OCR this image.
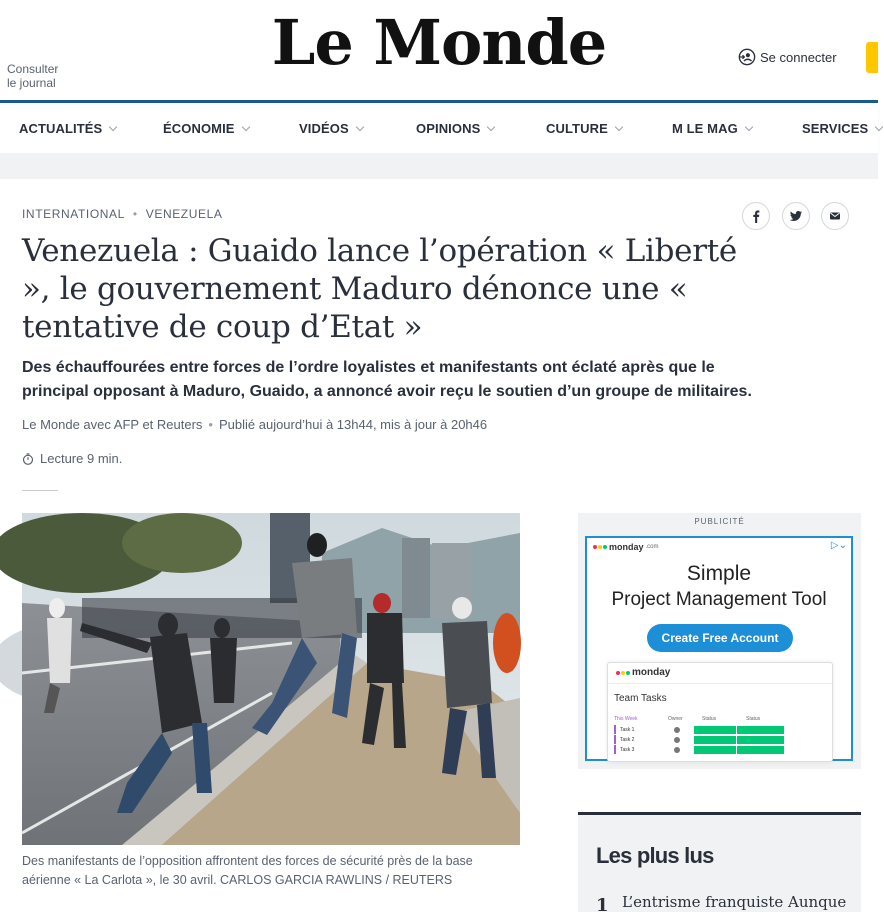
Consulter
le journal
Le Monde	Se connecter
ACTUALITÉS	ÉCONOMIE	VIDÉOS	OPINIONS	CULTURE	M LE MAG	SERVICES
INTERNATIONAL • VENEZUELA
Venezuela : Guaido lance l’opération « Liberté », le gouvernement Maduro dénonce une « tentative de coup d’Etat »

Des échauffourées entre forces de l’ordre loyalistes et manifestants ont éclaté après que le principal opposant à Maduro, Guaido, a annoncé avoir reçu le soutien d’un groupe de militaires.

Le Monde avec AFP et Reuters • Publié aujourd’hui à 13h44, mis à jour à 20h46
Lecture 9 min.

Des manifestants de l’opposition affrontent des forces de sécurité près de la base aérienne « La Carlota », le 30 avril. CARLOS GARCIA RAWLINS / REUTERS

PUBLICITÉ
monday .com	▷⌄
Simple
Project Management Tool
Create Free Account
monday
Team Tasks
This Week	Owner	Status	Status
Task 1
Task 2
Task 3
Les plus lus
1 L’entrisme franquiste Aunque
